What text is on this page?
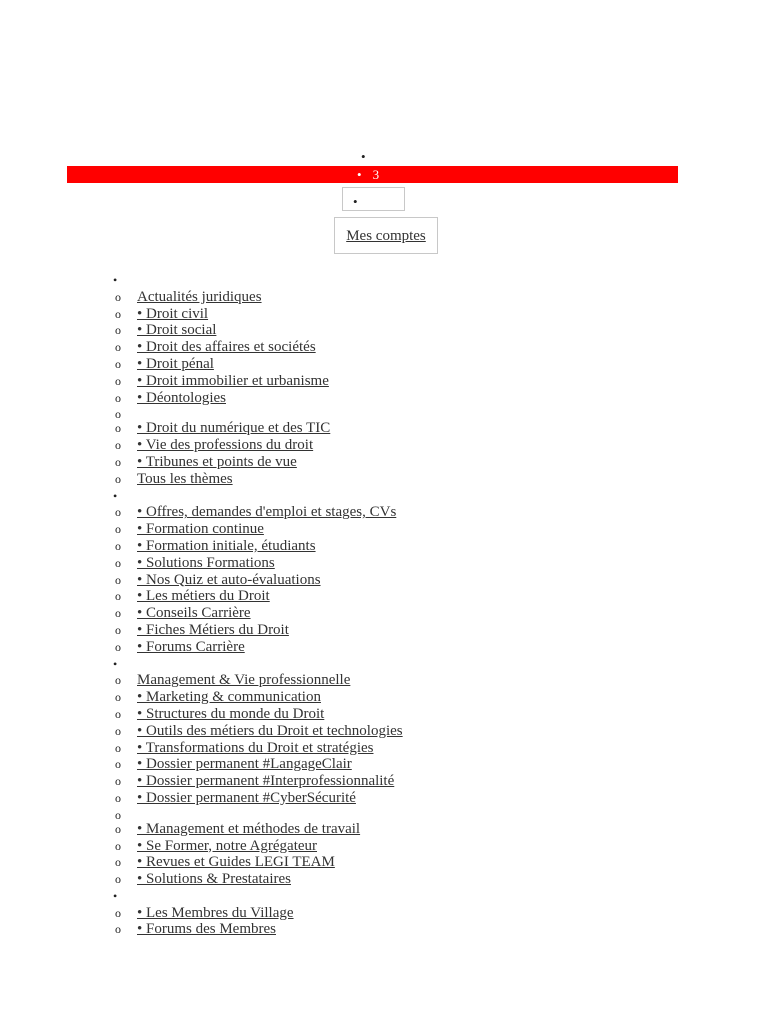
•
• 3
•
Mes comptes
•
o	Actualités juridiques
o	• Droit civil
o	• Droit social
o	• Droit des affaires et sociétés
o	• Droit pénal
o	• Droit immobilier et urbanisme
o	• Déontologies
o
o	• Droit du numérique et des TIC
o	• Vie des professions du droit
o	• Tribunes et points de vue
o	Tous les thèmes
•
o	• Offres, demandes d'emploi et stages, CVs
o	• Formation continue
o	• Formation initiale, étudiants
o	• Solutions Formations
o	• Nos Quiz et auto-évaluations
o	• Les métiers du Droit
o	• Conseils Carrière
o	• Fiches Métiers du Droit
o	• Forums Carrière
•
o	Management & Vie professionnelle
o	• Marketing & communication
o	• Structures du monde du Droit
o	• Outils des métiers du Droit et technologies
o	• Transformations du Droit et stratégies
o	• Dossier permanent #LangageClair
o	• Dossier permanent #Interprofessionnalité
o	• Dossier permanent #CyberSécurité
o
o	• Management et méthodes de travail
o	• Se Former, notre Agrégateur
o	• Revues et Guides LEGI TEAM
o	• Solutions & Prestataires
•
o	• Les Membres du Village
o	• Forums des Membres
